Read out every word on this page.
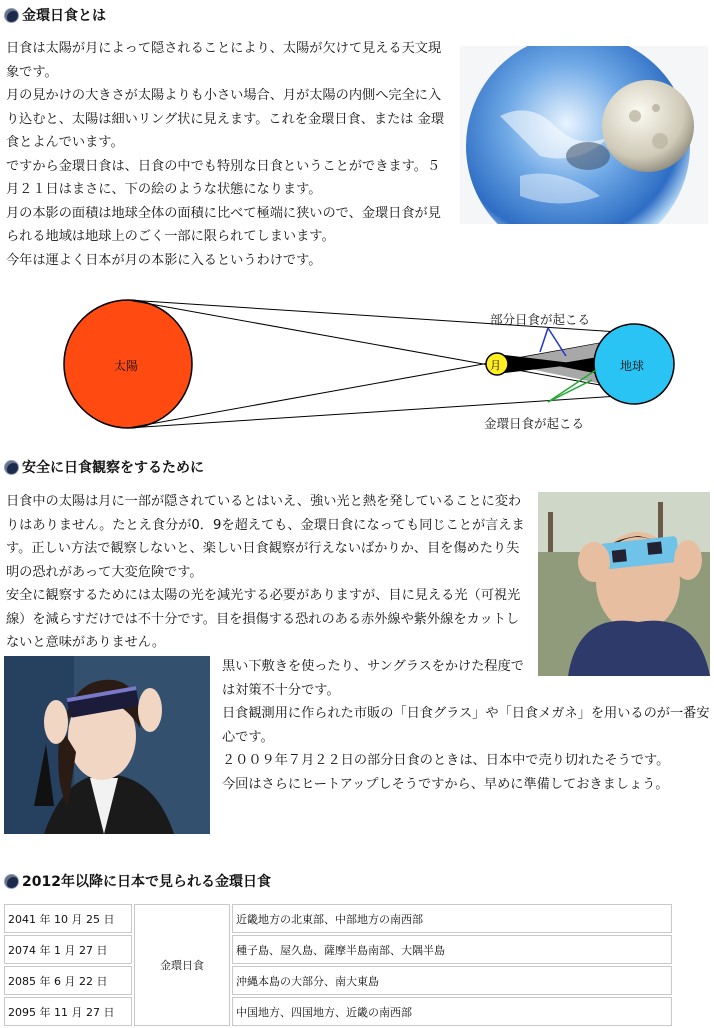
金環日食とは

日食は太陽が月によって隠されることにより、太陽が欠けて見える天文現象です。

月の見かけの大きさが太陽よりも小さい場合、月が太陽の内側へ完全に入り込むと、太陽は細いリング状に見えます。これを金環日食、または 金環食とよんでいます。

ですから金環日食は、日食の中でも特別な日食ということができます。５月２１日はまさに、下の絵のような状態になります。

月の本影の面積は地球全体の面積に比べて極端に狭いので、金環日食が見られる地域は地球上のごく一部に限られてしまいます。

今年は運よく日本が月の本影に入るというわけです。

太陽	月	地球
部分日食が起こる
金環日食が起こる
安全に日食観察をするために

日食中の太陽は月に一部が隠されているとはいえ、強い光と熱を発していることに変わりはありません。たとえ食分が0．9を超えても、金環日食になっても同じことが言えます。正しい方法で観察しないと、楽しい日食観察が行えないばかりか、目を傷めたり失明の恐れがあって大変危険です。

安全に観察するためには太陽の光を減光する必要がありますが、目に見える光（可視光線）を減らすだけでは不十分です。目を損傷する恐れのある赤外線や紫外線をカットしないと意味がありません。

黒い下敷きを使ったり、サングラスをかけた程度では対策不十分です。

日食観測用に作られた市販の「日食グラス」や「日食メガネ」を用いるのが一番安心です。

２００９年７月２２日の部分日食のときは、日本中で売り切れたそうです。

今回はさらにヒートアップしそうですから、早めに準備しておきましょう。

2012年以降に日本で見られる金環日食
2041 年 10 月 25 日	金環日食	近畿地方の北東部、中部地方の南西部
2074 年 1 月 27 日		種子島、屋久島、薩摩半島南部、大隅半島
2085 年 6 月 22 日		沖縄本島の大部分、南大東島
2095 年 11 月 27 日		中国地方、四国地方、近畿の南西部
